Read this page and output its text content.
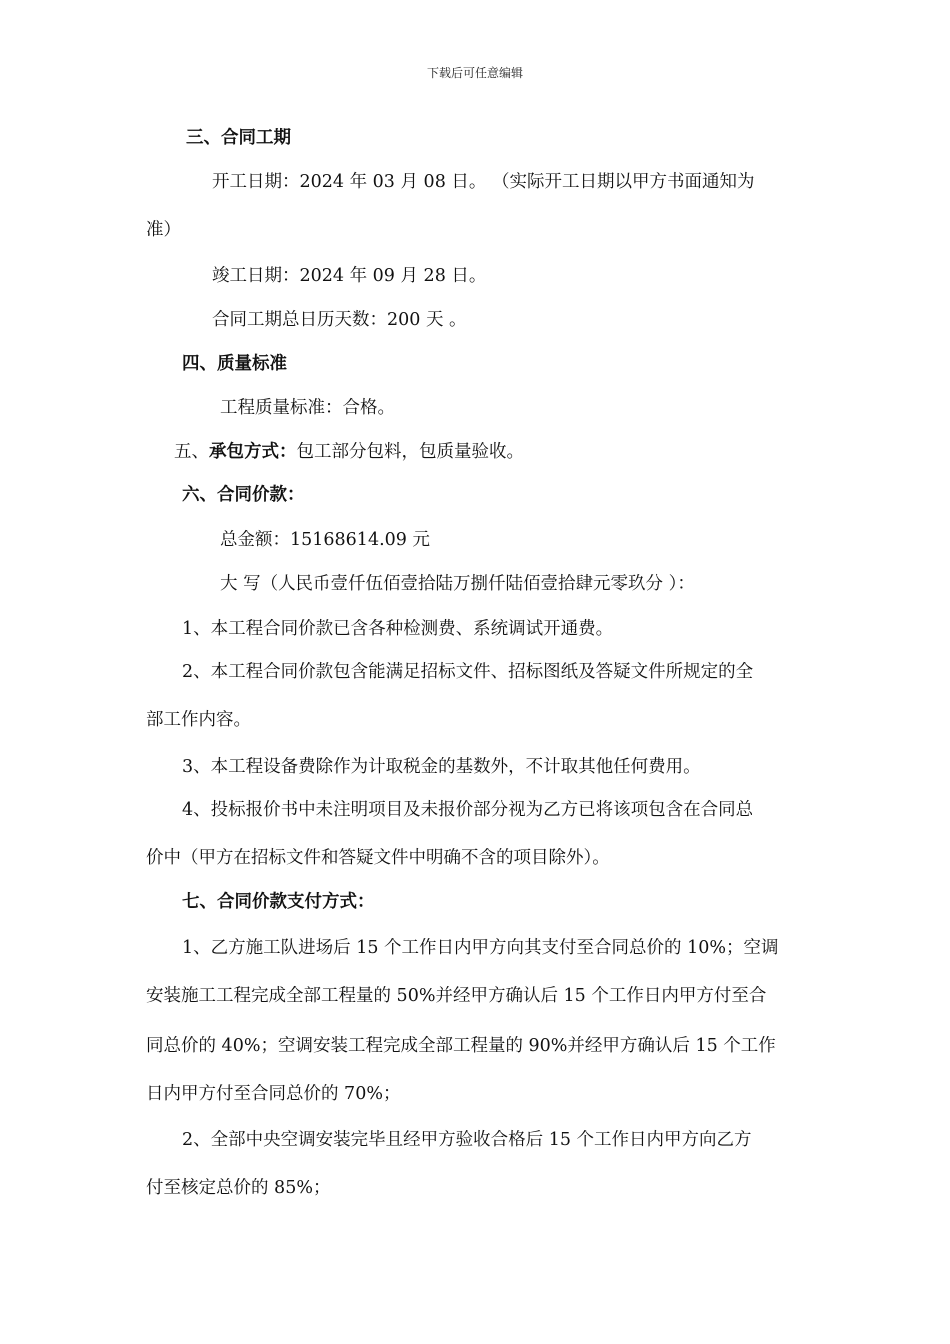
下载后可任意编辑

三、合同工期

开工日期：2024 年 03 月 08 日。 （实际开工日期以甲方书面通知为

准）

竣工日期：2024 年 09 月 28 日。

合同工期总日历天数：200 天 。

四、质量标准

工程质量标准：合格。

五、承包方式：包工部分包料，包质量验收。

六、合同价款：

总金额：15168614.09 元

大 写（人民币壹仟伍佰壹拾陆万捌仟陆佰壹拾肆元零玖分 ）：

1、本工程合同价款已含各种检测费、系统调试开通费。

2、本工程合同价款包含能满足招标文件、招标图纸及答疑文件所规定的全

部工作内容。

3、本工程设备费除作为计取税金的基数外，不计取其他任何费用。

4、投标报价书中未注明项目及未报价部分视为乙方已将该项包含在合同总

价中（甲方在招标文件和答疑文件中明确不含的项目除外）。

七、合同价款支付方式：

1、乙方施工队进场后 15 个工作日内甲方向其支付至合同总价的 10%；空调

安装施工工程完成全部工程量的 50%并经甲方确认后 15 个工作日内甲方付至合

同总价的 40%；空调安装工程完成全部工程量的 90%并经甲方确认后 15 个工作

日内甲方付至合同总价的 70%；

2、全部中央空调安装完毕且经甲方验收合格后 15 个工作日内甲方向乙方

付至核定总价的 85%；
